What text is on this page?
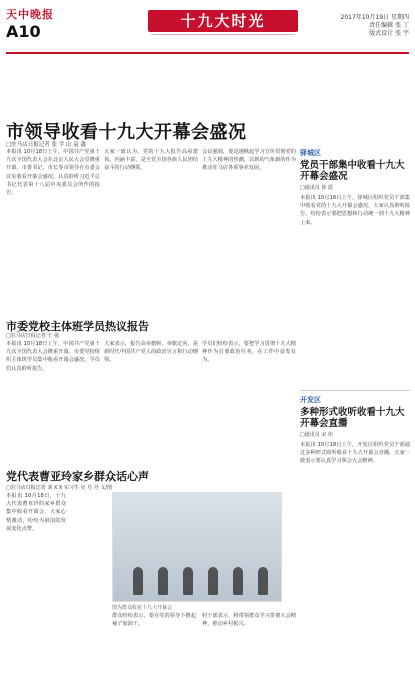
天中晚报
A10
十九大时光	2017年10月19日 星期四
责任编辑 张 丁
版式设计 张 宇
市领导收看十九大开幕会盛况
□驻马店日报记者 张 学 山 袁 鑫
本报讯 10月18日上午，中国共产党第十九次全国代表大会在北京人民大会堂隆重开幕。市委书记、市长等市领导在市委会议室收看开幕会盛况，认真聆听习近平总书记代表第十八届中央委员会所作的报告。
大家一致认为，党的十九大报告高屋建瓴、内涵丰富，是全党全国各族人民团结奋斗的行动纲领。
会议强调，要迅速掀起学习宣传贯彻党的十九大精神的热潮，以新的气象新的作为推动驻马店各项事业发展。
驿城区
党员干部集中收看十九大开幕会盛况
□通讯员 徐 霞
本报讯 10月18日上午，驿城区组织党员干部集中收看党的十九大开幕会盛况，大家认真聆听报告，纷纷表示要把思想和行动统一到十九大精神上来。
开发区
多种形式收听收看十九大开幕会直播
□通讯员 宋 伟
本报讯 10月18日上午，开发区组织党员干部通过多种形式收听收看十九大开幕会直播，大家一致表示要认真学习领会大会精神。
市委党校主体班学员热议报告
□驻马店日报记者 王 强
本报讯 10月18日上午，中国共产党第十九次全国代表大会隆重开幕。市委党校组织主体班学员集中收看开幕会盛况，学员们认真聆听报告。
大家表示，报告高举旗帜、举旗定向，是新时代中国共产党人的政治宣言和行动纲领。
学员们纷纷表示，要把学习贯彻十九大精神作为首要政治任务，在工作中奋发有为。
党代表曹亚玲家乡群众话心声
□驻马店日报记者 刘 X X 实习生 吴 丹 丹 文/图
本报讯 10月18日，十九大代表曹亚玲的家乡群众集中收看开幕会，大家心情激动，纷纷为祖国的发展变化点赞。
图为群众收看十九大开幕会
群众纷纷表示，要在党的领导下撸起袖子加油干。
村干部表示，将带领群众学习贯彻大会精神，推动乡村振兴。
